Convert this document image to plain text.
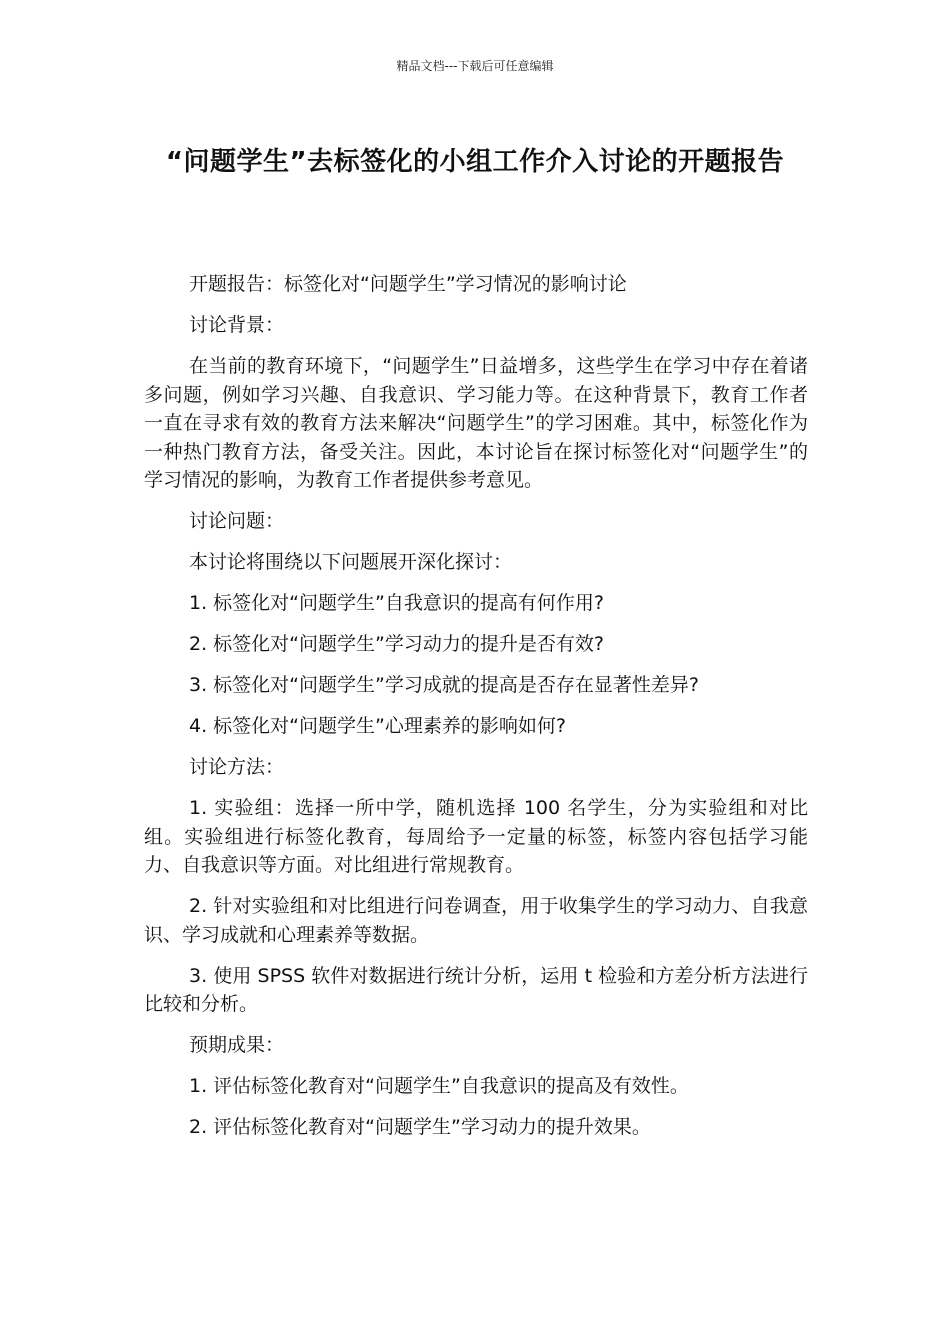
精品文档---下载后可任意编辑
“问题学生”去标签化的小组工作介入讨论的开题报告

开题报告：标签化对“问题学生”学习情况的影响讨论

讨论背景：

在当前的教育环境下，“问题学生”日益增多，这些学生在学习中存在着诸多问题，例如学习兴趣、自我意识、学习能力等。在这种背景下，教育工作者一直在寻求有效的教育方法来解决“问题学生”的学习困难。其中，标签化作为一种热门教育方法，备受关注。因此，本讨论旨在探讨标签化对“问题学生”的学习情况的影响，为教育工作者提供参考意见。

讨论问题：

本讨论将围绕以下问题展开深化探讨：

1. 标签化对“问题学生”自我意识的提高有何作用?

2. 标签化对“问题学生”学习动力的提升是否有效?

3. 标签化对“问题学生”学习成就的提高是否存在显著性差异?

4. 标签化对“问题学生”心理素养的影响如何?

讨论方法：

1. 实验组：选择一所中学，随机选择 100 名学生，分为实验组和对比组。实验组进行标签化教育，每周给予一定量的标签，标签内容包括学习能力、自我意识等方面。对比组进行常规教育。

2. 针对实验组和对比组进行问卷调查，用于收集学生的学习动力、自我意识、学习成就和心理素养等数据。

3. 使用 SPSS 软件对数据进行统计分析，运用 t 检验和方差分析方法进行比较和分析。

预期成果：

1. 评估标签化教育对“问题学生”自我意识的提高及有效性。

2. 评估标签化教育对“问题学生”学习动力的提升效果。
